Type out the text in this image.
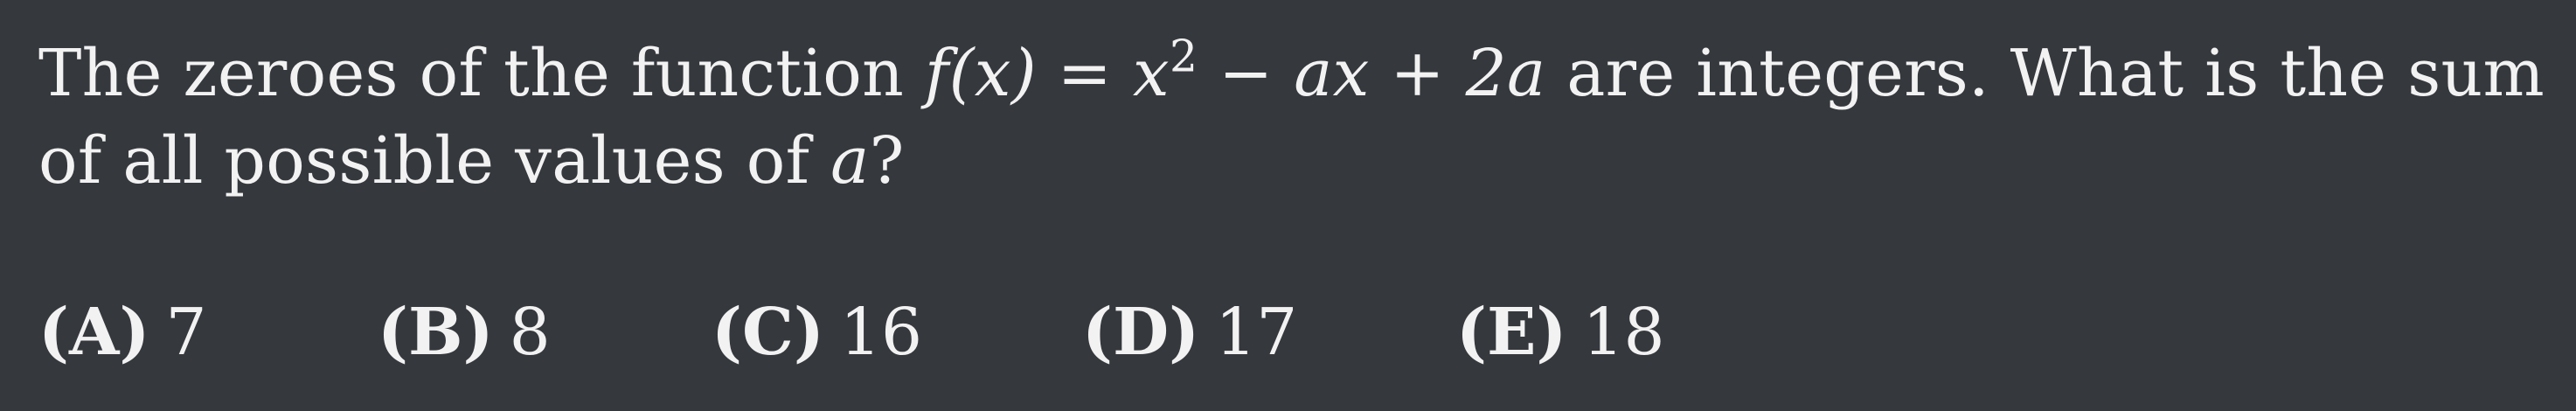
The zeroes of the function $f(x) = x^2$ − ax + 2a are integers. What is the sum of all possible values of a?
(A) 7	(B) 8 (C) 16 (D) 17 (E) 18
